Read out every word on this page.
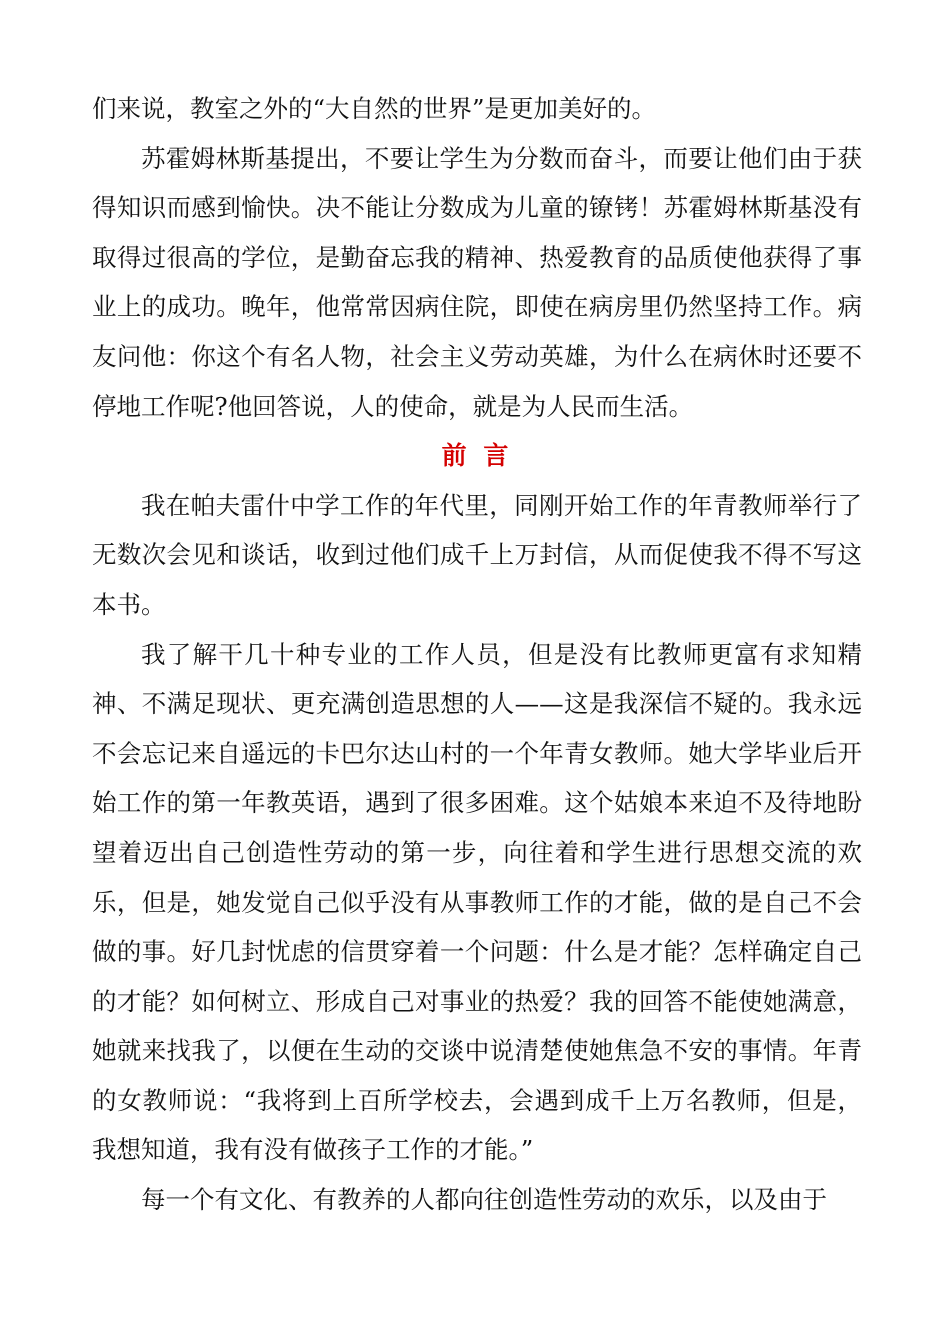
们来说，教室之外的“大自然的世界”是更加美好的。

苏霍姆林斯基提出，不要让学生为分数而奋斗，而要让他们由于获得知识而感到愉快。决不能让分数成为儿童的镣铐！苏霍姆林斯基没有取得过很高的学位，是勤奋忘我的精神、热爱教育的品质使他获得了事业上的成功。晚年，他常常因病住院，即使在病房里仍然坚持工作。病友问他：你这个有名人物，社会主义劳动英雄，为什么在病休时还要不停地工作呢?他回答说，人的使命，就是为人民而生活。

前 言

我在帕夫雷什中学工作的年代里，同刚开始工作的年青教师举行了无数次会见和谈话，收到过他们成千上万封信，从而促使我不得不写这本书。

我了解干几十种专业的工作人员，但是没有比教师更富有求知精神、不满足现状、更充满创造思想的人——这是我深信不疑的。我永远不会忘记来自遥远的卡巴尔达山村的一个年青女教师。她大学毕业后开始工作的第一年教英语，遇到了很多困难。这个姑娘本来迫不及待地盼望着迈出自己创造性劳动的第一步，向往着和学生进行思想交流的欢乐，但是，她发觉自己似乎没有从事教师工作的才能，做的是自己不会做的事。好几封忧虑的信贯穿着一个问题：什么是才能？怎样确定自己的才能？如何树立、形成自己对事业的热爱？我的回答不能使她满意，她就来找我了，以便在生动的交谈中说清楚使她焦急不安的事情。年青的女教师说：“我将到上百所学校去，会遇到成千上万名教师，但是，我想知道，我有没有做孩子工作的才能。”

每一个有文化、有教养的人都向往创造性劳动的欢乐，以及由于
